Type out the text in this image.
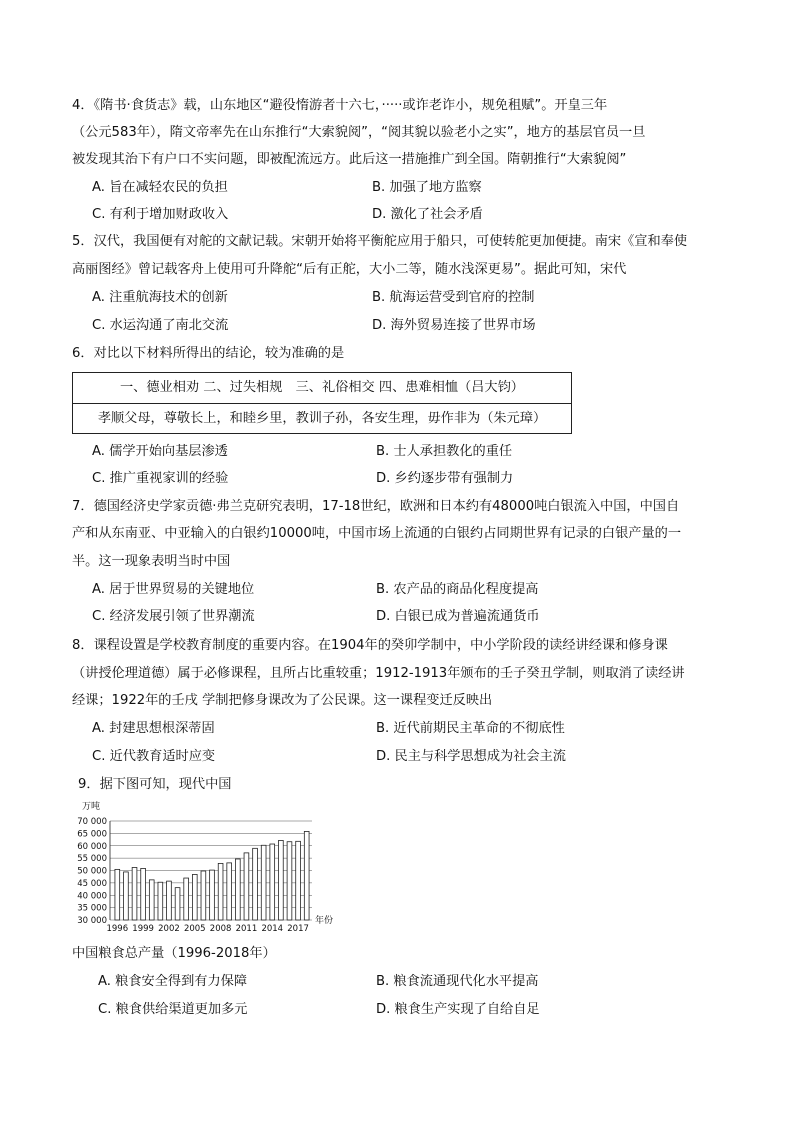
4．《隋书·食货志》载，山东地区“避役惰游者十六七，·····或诈老诈小，规免租赋”。开皇三年
（公元583年），隋文帝率先在山东推行“大索貌阅”，“阅其貌以验老小之实”，地方的基层官员一旦
被发现其治下有户口不实问题，即被配流远方。此后这一措施推广到全国。隋朝推行“大索貌阅”
A. 旨在减轻农民的负担	B. 加强了地方监察
C. 有利于增加财政收入	D. 激化了社会矛盾
5．汉代，我国便有对舵的文献记载。宋朝开始将平衡舵应用于船只，可使转舵更加便捷。南宋《宣和奉使
高丽图经》曾记载客舟上使用可升降舵“后有正舵，大小二等，随水浅深更易”。据此可知，宋代
A. 注重航海技术的创新	B. 航海运营受到官府的控制
C. 水运沟通了南北交流	D. 海外贸易连接了世界市场
6．对比以下材料所得出的结论，较为准确的是
一、德业相劝 二、过失相规　三、礼俗相交 四、患难相恤（吕大钧）
孝顺父母，尊敬长上，和睦乡里，教训子孙，各安生理，毋作非为（朱元璋）
A. 儒学开始向基层渗透	B. 士人承担教化的重任
C. 推广重视家训的经验	D. 乡约逐步带有强制力
7．德国经济史学家贡德·弗兰克研究表明，17-18世纪，欧洲和日本约有48000吨白银流入中国，中国自
产和从东南亚、中亚输入的白银约10000吨，中国市场上流通的白银约占同期世界有记录的白银产量的一
半。这一现象表明当时中国
A. 居于世界贸易的关键地位	B. 农产品的商品化程度提高
C. 经济发展引领了世界潮流	D. 白银已成为普遍流通货币
8．课程设置是学校教育制度的重要内容。在1904年的癸卯学制中，中小学阶段的读经讲经课和修身课
（讲授伦理道德）属于必修课程，且所占比重较重；1912-1913年颁布的壬子癸丑学制，则取消了读经讲
经课；1922年的壬戌 学制把修身课改为了公民课。这一课程变迁反映出
A. 封建思想根深蒂固	B. 近代前期民主革命的不彻底性
C. 近代教育适时应变	D. 民主与科学思想成为社会主流
9．据下图可知，现代中国
万吨
年份
30 000
35 000
40 000
45 000
50 000
55 000
60 000
65 000
70 000
1996 1999 2002 2005 2008 2011 2014 2017
中国粮食总产量（1996-2018年）
A. 粮食安全得到有力保障	B. 粮食流通现代化水平提高
C. 粮食供给渠道更加多元	D. 粮食生产实现了自给自足
